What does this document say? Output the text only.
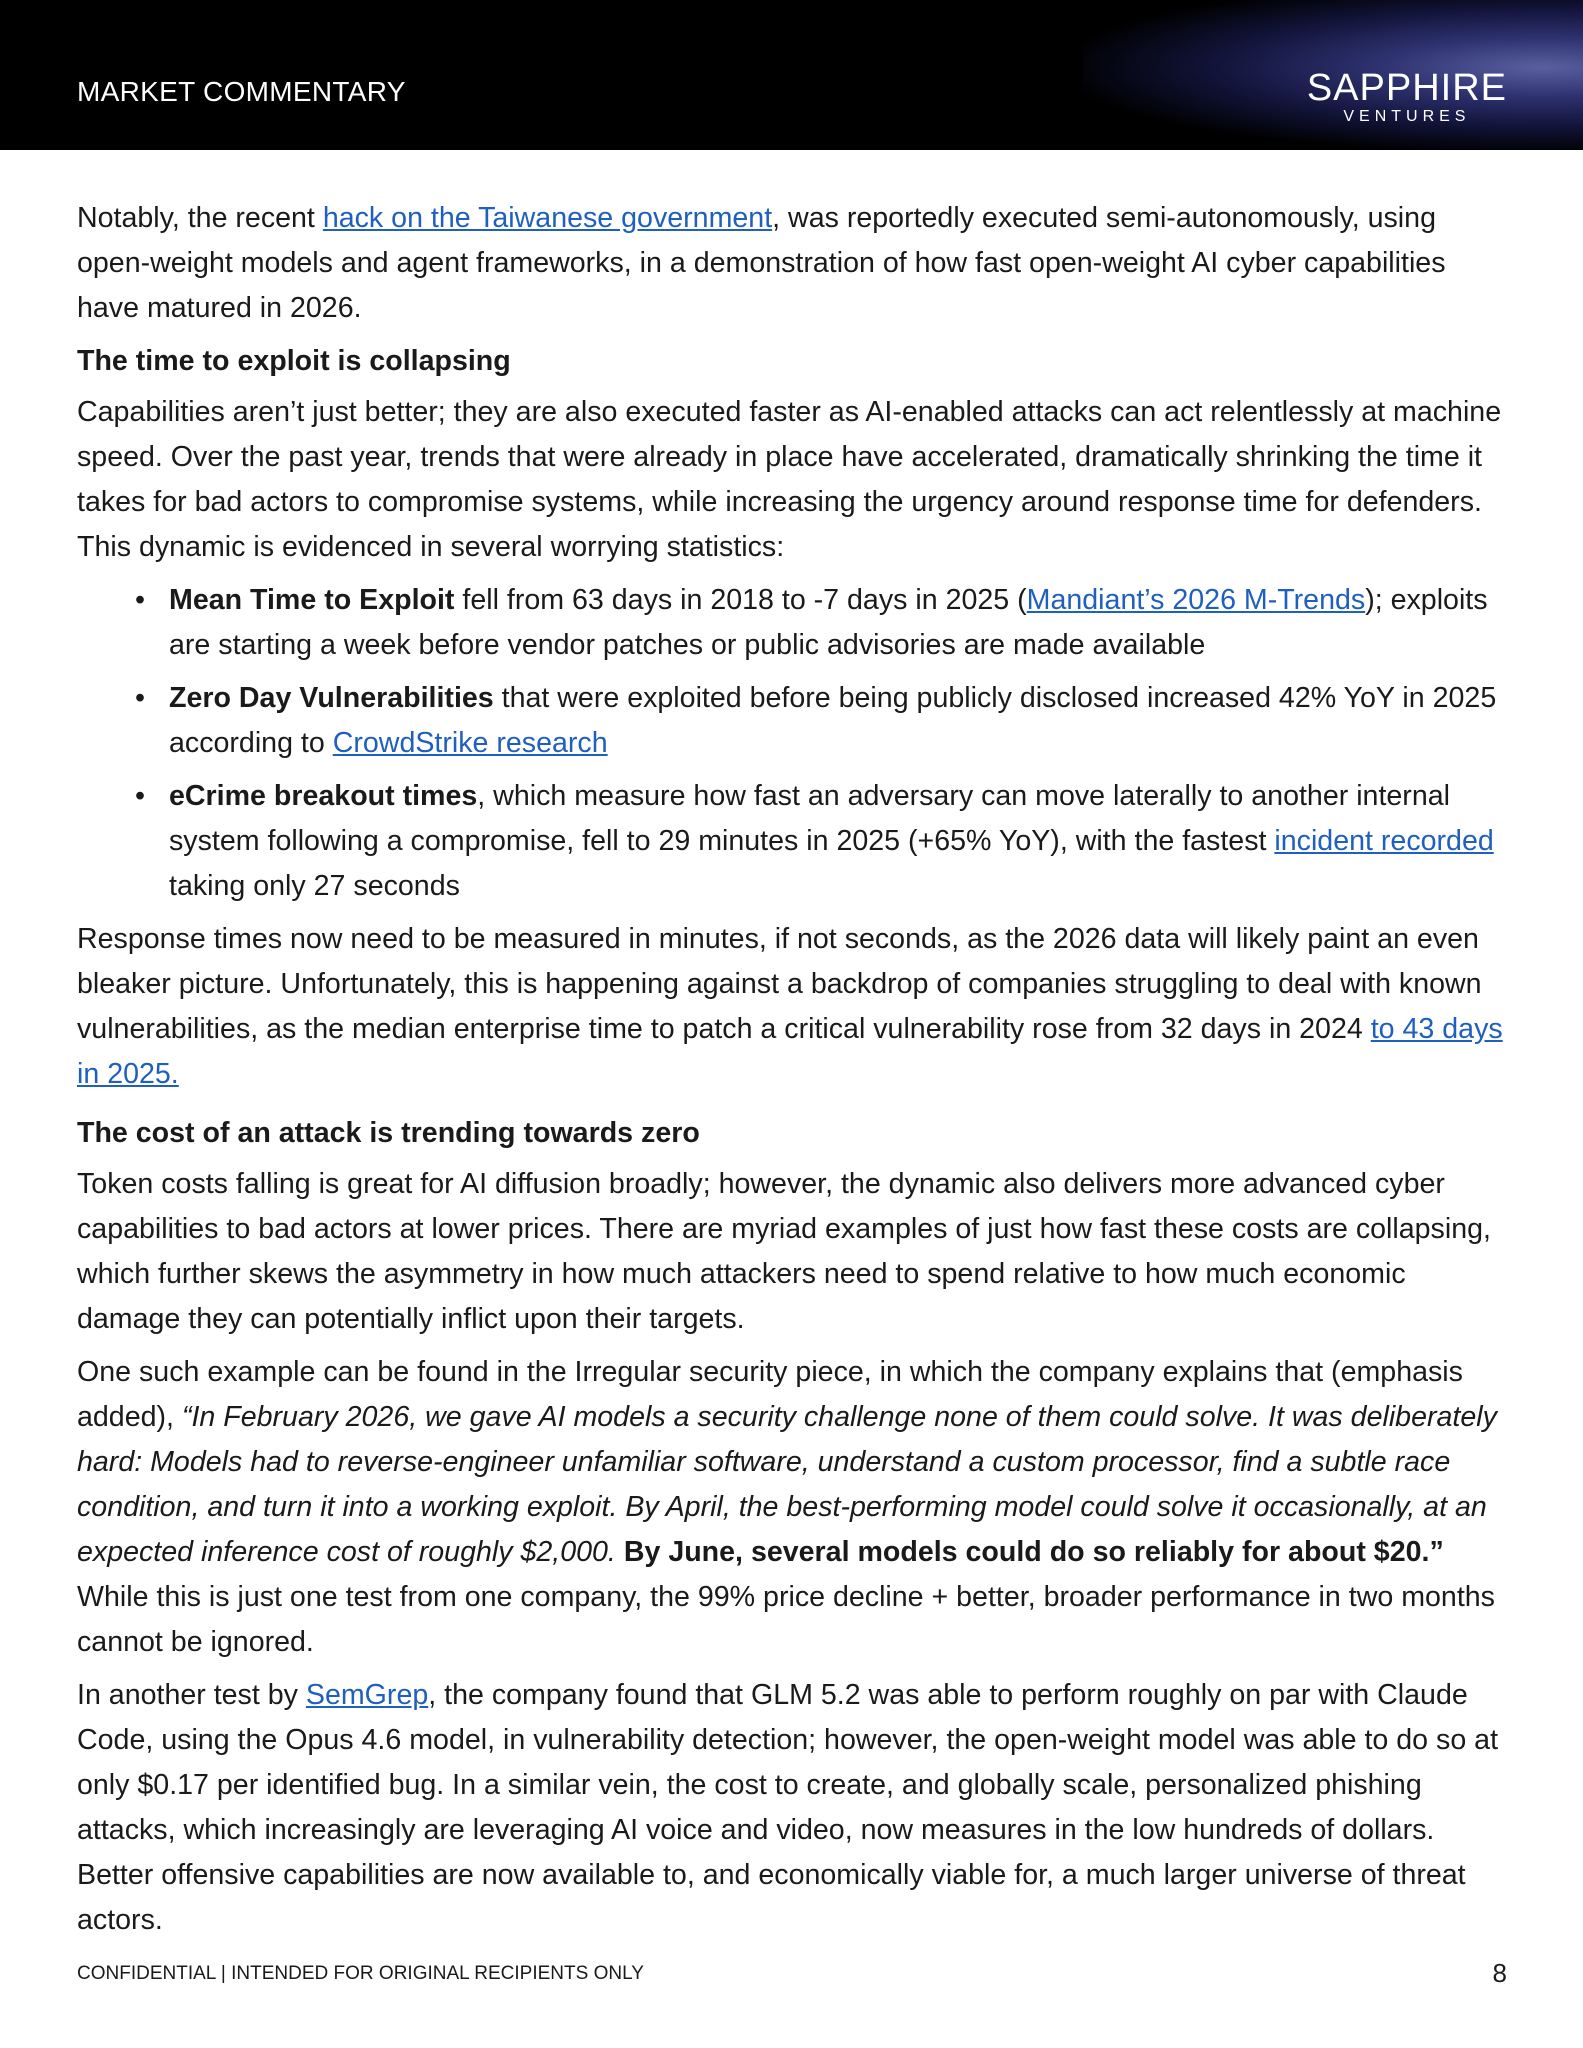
MARKET COMMENTARY	SAPPHIRE
VENTURES

Notably, the recent hack on the Taiwanese government, was reportedly executed semi-autonomously, using open-weight models and agent frameworks, in a demonstration of how fast open-weight AI cyber capabilities have matured in 2026.

The time to exploit is collapsing

Capabilities aren’t just better; they are also executed faster as AI-enabled attacks can act relentlessly at machine speed. Over the past year, trends that were already in place have accelerated, dramatically shrinking the time it takes for bad actors to compromise systems, while increasing the urgency around response time for defenders. This dynamic is evidenced in several worrying statistics:

• Mean Time to Exploit fell from 63 days in 2018 to -7 days in 2025 (Mandiant’s 2026 M-Trends); exploits are starting a week before vendor patches or public advisories are made available
• Zero Day Vulnerabilities that were exploited before being publicly disclosed increased 42% YoY in 2025 according to CrowdStrike research
• eCrime breakout times, which measure how fast an adversary can move laterally to another internal system following a compromise, fell to 29 minutes in 2025 (+65% YoY), with the fastest incident recorded taking only 27 seconds

Response times now need to be measured in minutes, if not seconds, as the 2026 data will likely paint an even bleaker picture. Unfortunately, this is happening against a backdrop of companies struggling to deal with known vulnerabilities, as the median enterprise time to patch a critical vulnerability rose from 32 days in 2024 to 43 days in 2025.

The cost of an attack is trending towards zero

Token costs falling is great for AI diffusion broadly; however, the dynamic also delivers more advanced cyber capabilities to bad actors at lower prices. There are myriad examples of just how fast these costs are collapsing, which further skews the asymmetry in how much attackers need to spend relative to how much economic damage they can potentially inflict upon their targets.

One such example can be found in the Irregular security piece, in which the company explains that (emphasis added), “In February 2026, we gave AI models a security challenge none of them could solve. It was deliberately hard: Models had to reverse-engineer unfamiliar software, understand a custom processor, find a subtle race condition, and turn it into a working exploit. By April, the best-performing model could solve it occasionally, at an expected inference cost of roughly $2,000. By June, several models could do so reliably for about $20.” While this is just one test from one company, the 99% price decline + better, broader performance in two months cannot be ignored.

In another test by SemGrep, the company found that GLM 5.2 was able to perform roughly on par with Claude Code, using the Opus 4.6 model, in vulnerability detection; however, the open-weight model was able to do so at only $0.17 per identified bug. In a similar vein, the cost to create, and globally scale, personalized phishing attacks, which increasingly are leveraging AI voice and video, now measures in the low hundreds of dollars. Better offensive capabilities are now available to, and economically viable for, a much larger universe of threat actors.

CONFIDENTIAL | INTENDED FOR ORIGINAL RECIPIENTS ONLY	8
